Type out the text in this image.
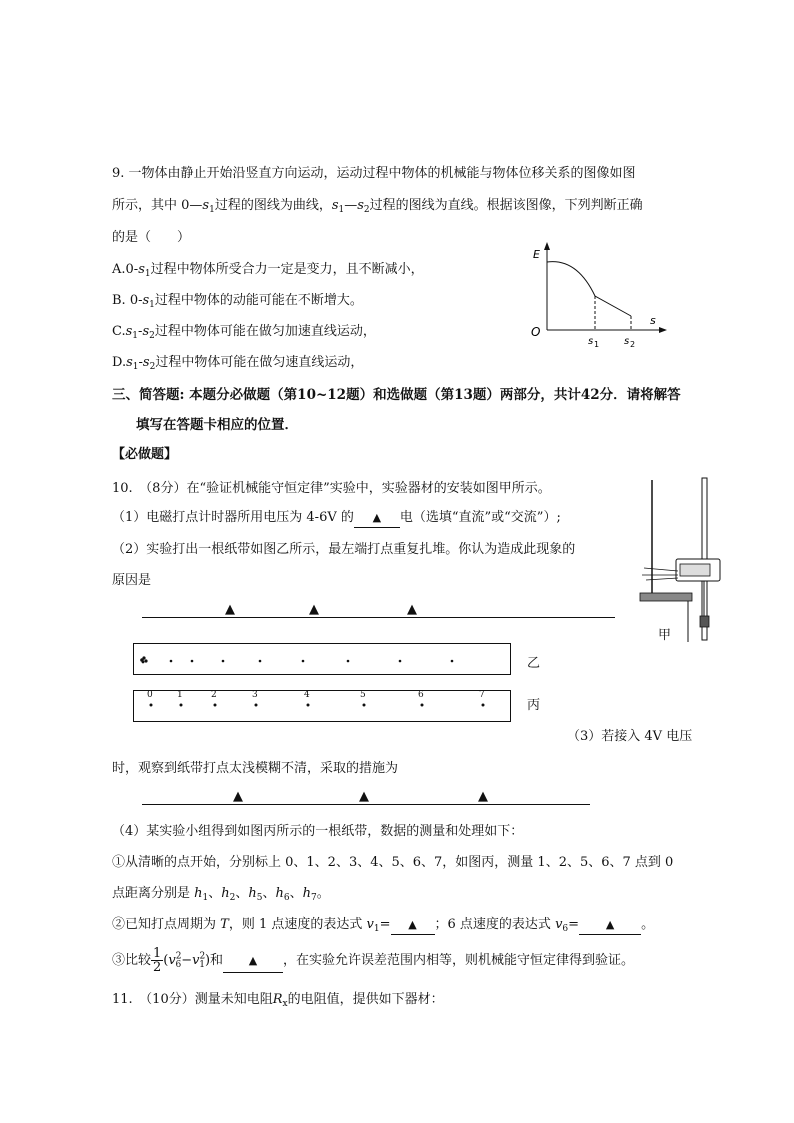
9. 一物体由静止开始沿竖直方向运动，运动过程中物体的机械能与物体位移关系的图像如图
所示，其中 $0—s_1$过程的图线为曲线，$s_1—s_2$过程的图线为直线。根据该图像，下列判断正确
的是（　　）
$A.0-s_1$过程中物体所受合力一定是变力，且不断减小，
B. $0-s_1$过程中物体的动能可能在不断增大。
$C.s_1-s_2$过程中物体可能在做匀加速直线运动，
$D.s_1-s_2$过程中物体可能在做匀速直线运动，
E
s
O
s 1 s 2
三、简答题: 本题分必做题（第10~12题）和选做题（第13题）两部分，共计42分．请将解答
填写在答题卡相应的位置．
【必做题】
10.　（8分）在“验证机械能守恒定律”实验中，实验器材的安装如图甲所示。
（1）电磁打点计时器所用电压为 4-6V 的 ▲ 电（选填“直流”或“交流”）;
（2）实验打出一根纸带如图乙所示，最左端打点重复扎堆。你认为造成此现象的
原因是
▲	▲	▲
甲
乙
0	1	2	3	4	5	6	7
丙
（3）若接入 4V 电压
时，观察到纸带打点太浅模糊不清，采取的措施为
▲	▲	▲
（4）某实验小组得到如图丙所示的一根纸带，数据的测量和处理如下：
①从清晰的点开始，分别标上 0、1、2、3、4、5、6、7，如图丙，测量 1、2、5、6、7 点到 0
点距离分别是 $h_1$、$h_2$、$h_5$、$h_6$、$h_7$。
②已知打点周期为 T，则 1 点速度的表达式 $v_1=$ ▲ ；6 点速度的表达式 $v_6=$ ▲ 。
③比较 $\frac{1}{2} (v^2_6-v^2_1)$和 ▲ ，在实验允许误差范围内相等，则机械能守恒定律得到验证。
11.　（10分）测量未知电阻$R_x$的电阻值，提供如下器材：
